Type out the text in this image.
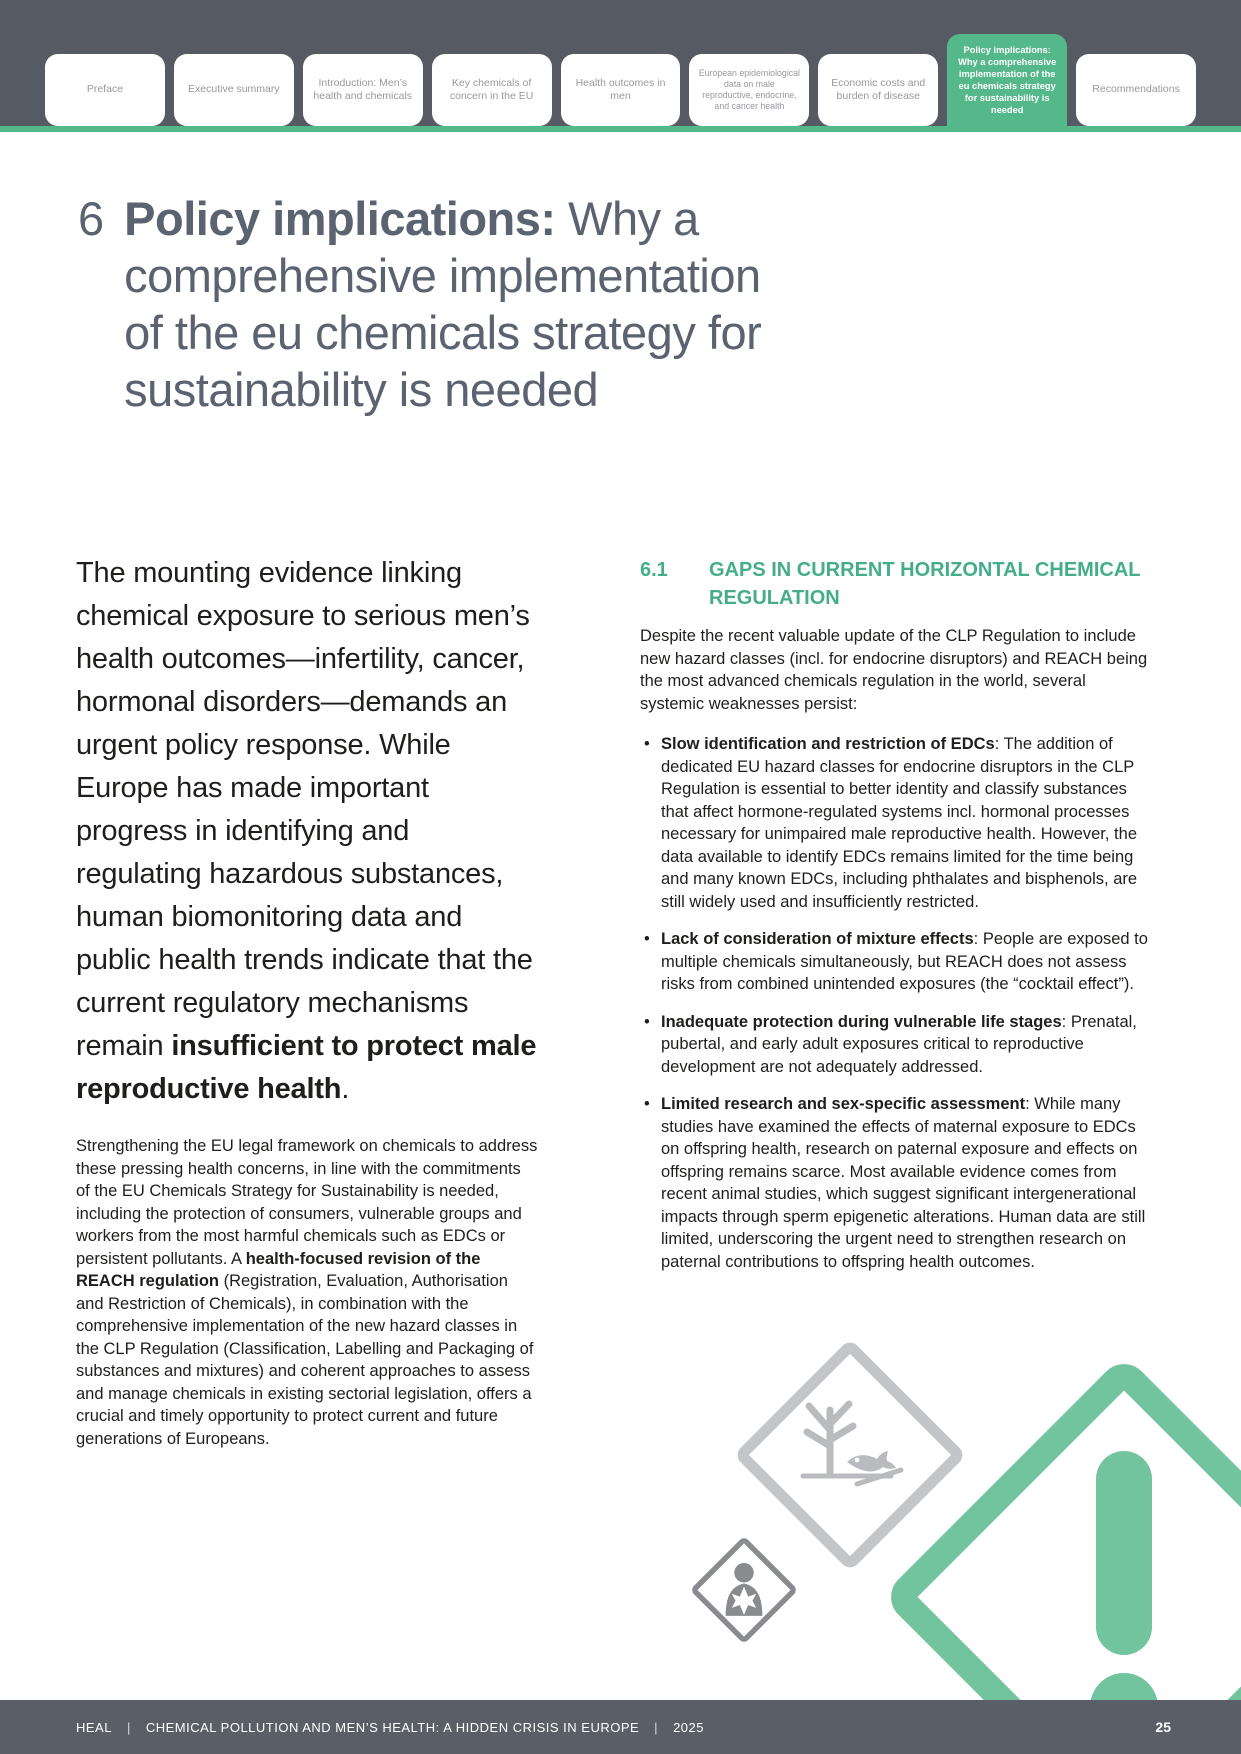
Preface	Executive summary
Introduction: Men’s health and chemicals
Key chemicals of concern in the EU
Health outcomes in men
European epidemiological data on male reproductive, endocrine, and cancer health
Economic costs and burden of disease
Policy implications: Why a comprehensive implementation of the eu chemicals strategy for sustainability is needed
Recommendations
6 Policy implications: Why a
comprehensive implementation
of the eu chemicals strategy for
sustainability is needed
The mounting evidence linking chemical exposure to serious men’s health outcomes—infertility, cancer, hormonal disorders—demands an urgent policy response. While Europe has made important progress in identifying and regulating hazardous substances, human biomonitoring data and public health trends indicate that the current regulatory mechanisms remain insufficient to protect male reproductive health.
Strengthening the EU legal framework on chemicals to address these pressing health concerns, in line with the commitments of the EU Chemicals Strategy for Sustainability is needed, including the protection of consumers, vulnerable groups and workers from the most harmful chemicals such as EDCs or persistent pollutants. A health-focused revision of the REACH regulation (Registration, Evaluation, Authorisation and Restriction of Chemicals), in combination with the comprehensive implementation of the new hazard classes in the CLP Regulation (Classification, Labelling and Packaging of substances and mixtures) and coherent approaches to assess and manage chemicals in existing sectorial legislation, offers a crucial and timely opportunity to protect current and future generations of Europeans.
6.1	GAPS IN CURRENT HORIZONTAL CHEMICAL REGULATION
Despite the recent valuable update of the CLP Regulation to include new hazard classes (incl. for endocrine disruptors) and REACH being the most advanced chemicals regulation in the world, several systemic weaknesses persist:
• Slow identification and restriction of EDCs: The addition of dedicated EU hazard classes for endocrine disruptors in the CLP Regulation is essential to better identity and classify substances that affect hormone-regulated systems incl. hormonal processes necessary for unimpaired male reproductive health. However, the data available to identify EDCs remains limited for the time being and many known EDCs, including phthalates and bisphenols, are still widely used and insufficiently restricted.
• Lack of consideration of mixture effects: People are exposed to multiple chemicals simultaneously, but REACH does not assess risks from combined unintended exposures (the “cocktail effect”).
• Inadequate protection during vulnerable life stages: Prenatal, pubertal, and early adult exposures critical to reproductive development are not adequately addressed.
• Limited research and sex-specific assessment: While many studies have examined the effects of maternal exposure to EDCs on offspring health, research on paternal exposure and effects on offspring remains scarce. Most available evidence comes from recent animal studies, which suggest significant intergenerational impacts through sperm epigenetic alterations. Human data are still limited, underscoring the urgent need to strengthen research on paternal contributions to offspring health outcomes.
HEAL | CHEMICAL POLLUTION AND MEN’S HEALTH: A HIDDEN CRISIS IN EUROPE | 2025	25
